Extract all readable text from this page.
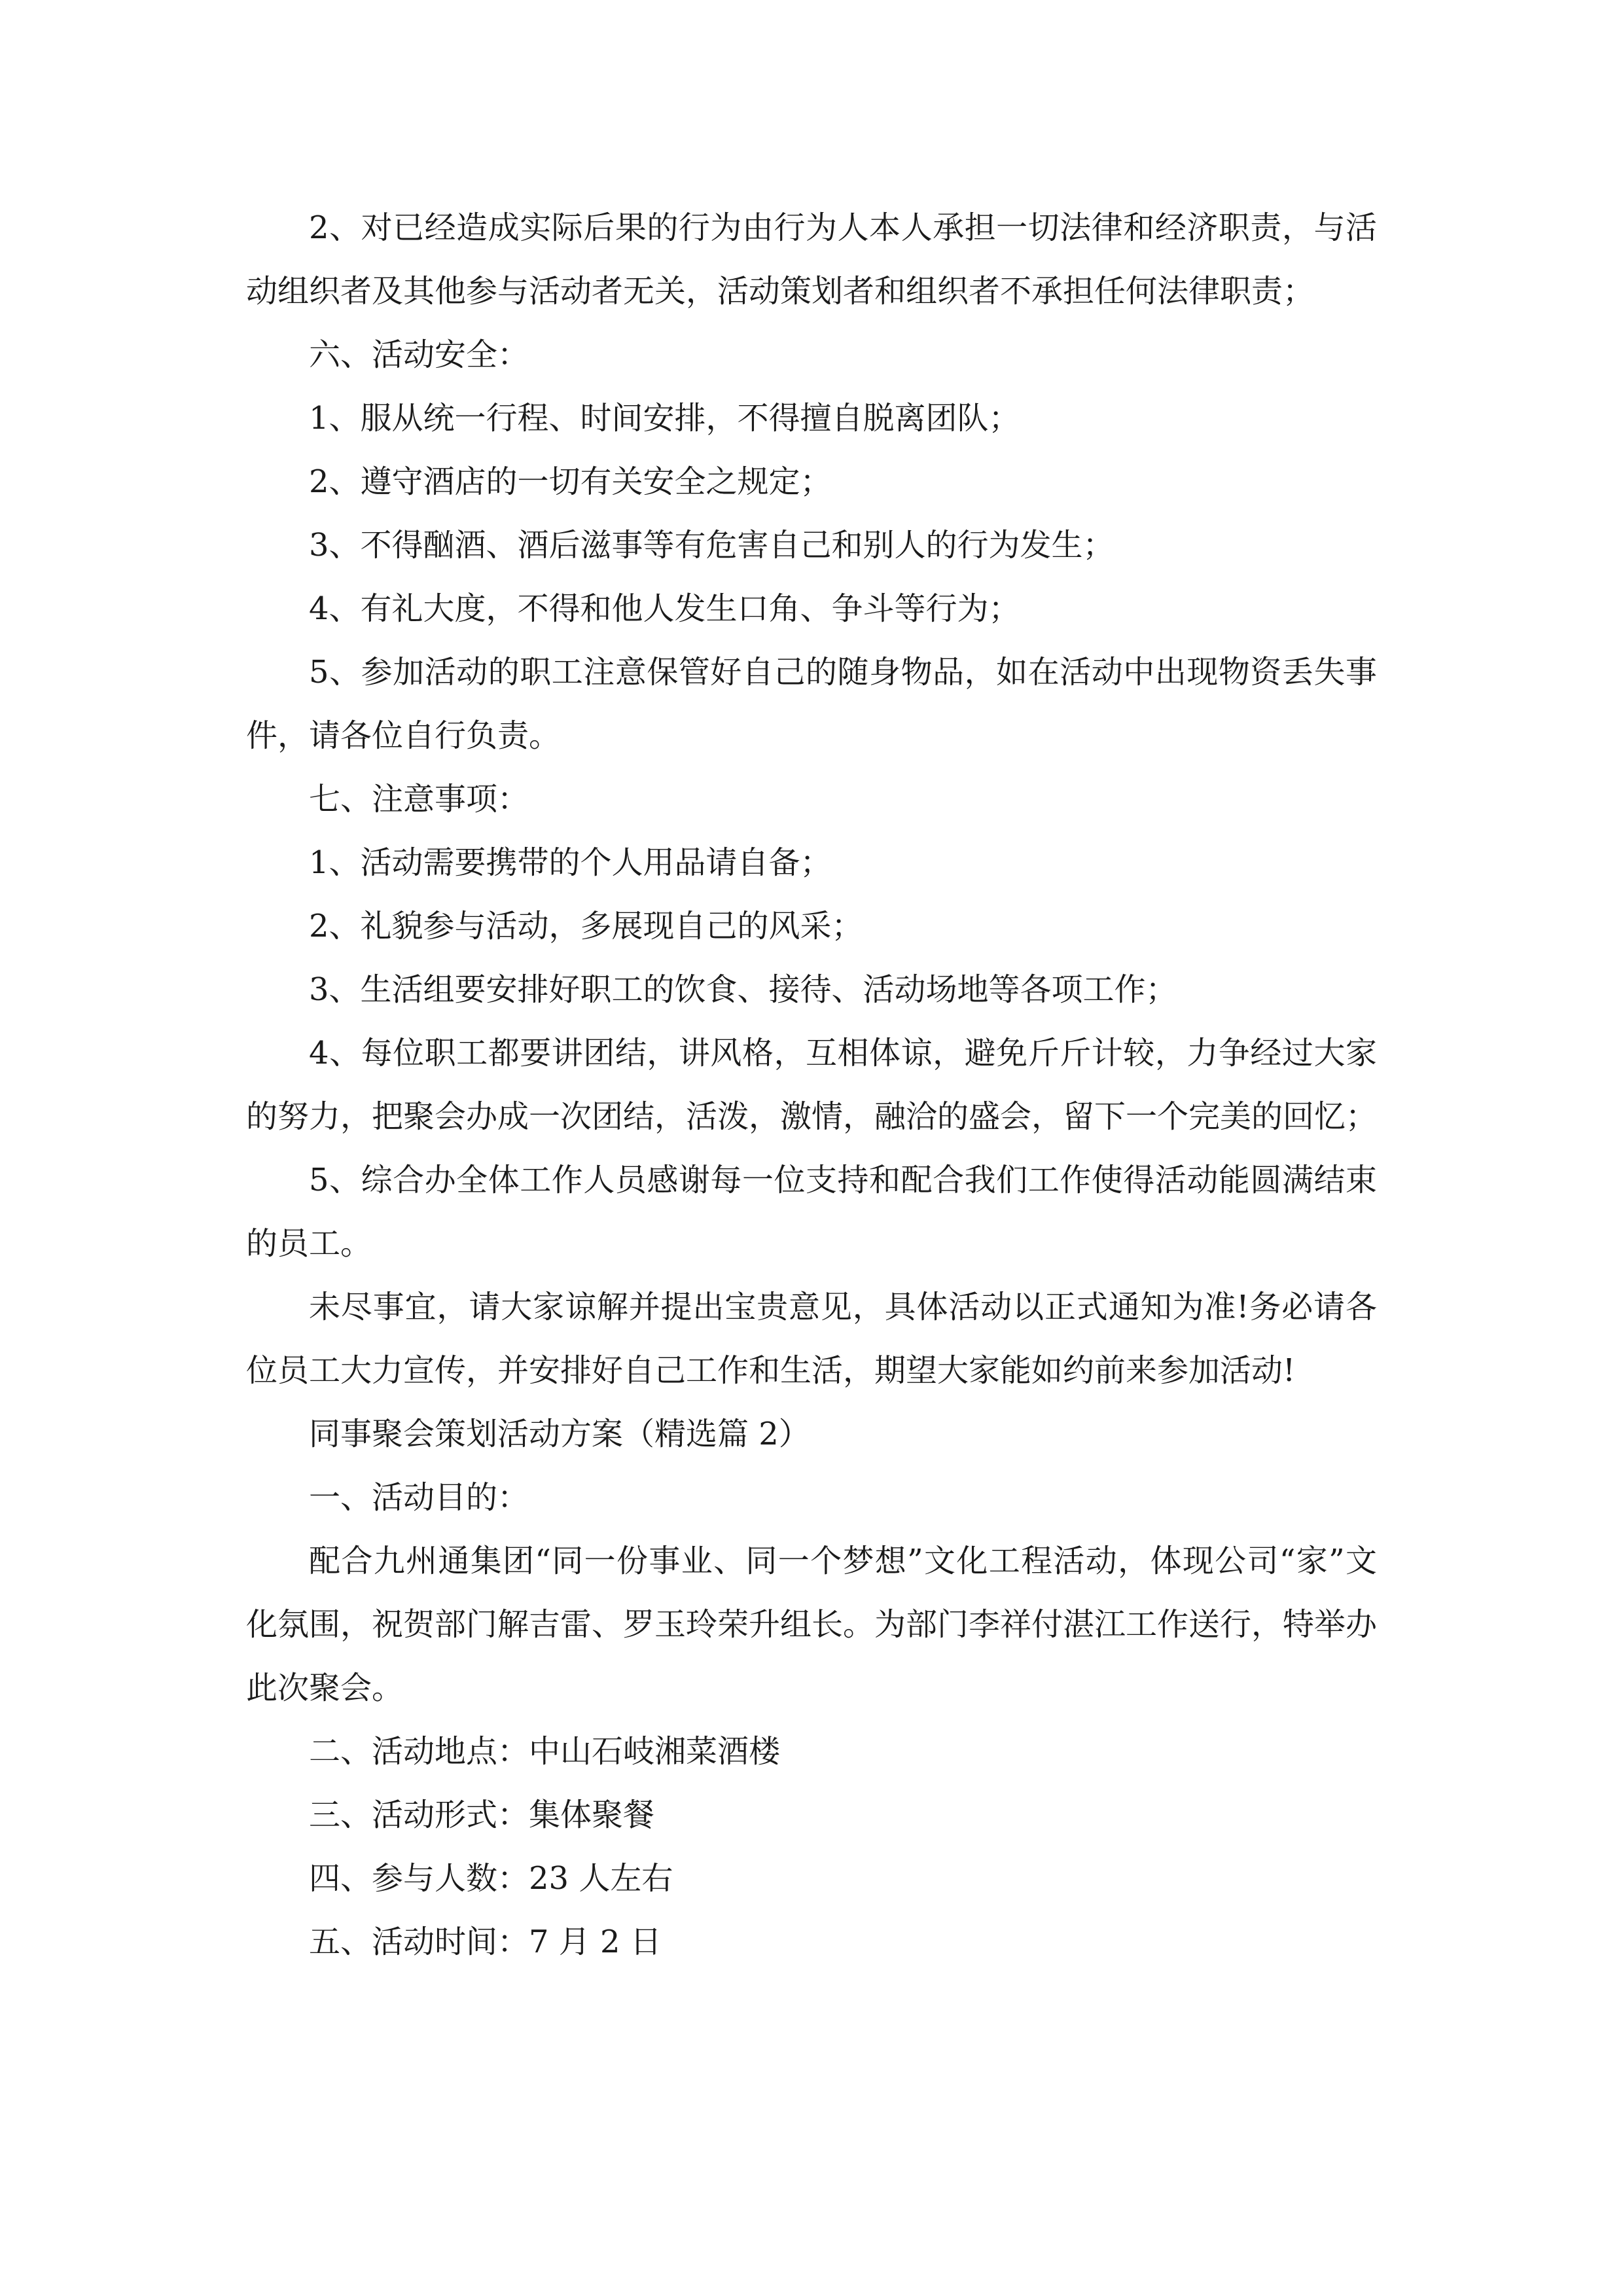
2、对已经造成实际后果的行为由行为人本人承担一切法律和经济职责，与活动组织者及其他参与活动者无关，活动策划者和组织者不承担任何法律职责；

六、活动安全：

1、服从统一行程、时间安排，不得擅自脱离团队；

2、遵守酒店的一切有关安全之规定；

3、不得酗酒、酒后滋事等有危害自己和别人的行为发生；

4、有礼大度，不得和他人发生口角、争斗等行为；

5、参加活动的职工注意保管好自己的随身物品，如在活动中出现物资丢失事件，请各位自行负责。

七、注意事项：

1、活动需要携带的个人用品请自备；

2、礼貌参与活动，多展现自己的风采；

3、生活组要安排好职工的饮食、接待、活动场地等各项工作；

4、每位职工都要讲团结，讲风格，互相体谅，避免斤斤计较，力争经过大家的努力，把聚会办成一次团结，活泼，激情，融洽的盛会，留下一个完美的回忆；

5、综合办全体工作人员感谢每一位支持和配合我们工作使得活动能圆满结束的员工。

未尽事宜，请大家谅解并提出宝贵意见，具体活动以正式通知为准!务必请各位员工大力宣传，并安排好自己工作和生活，期望大家能如约前来参加活动!

同事聚会策划活动方案（精选篇 2）

一、活动目的：

配合九州通集团“同一份事业、同一个梦想”文化工程活动，体现公司“家”文化氛围，祝贺部门解吉雷、罗玉玲荣升组长。为部门李祥付湛江工作送行，特举办此次聚会。

二、活动地点：中山石岐湘菜酒楼

三、活动形式：集体聚餐

四、参与人数：23 人左右

五、活动时间：7 月 2 日
